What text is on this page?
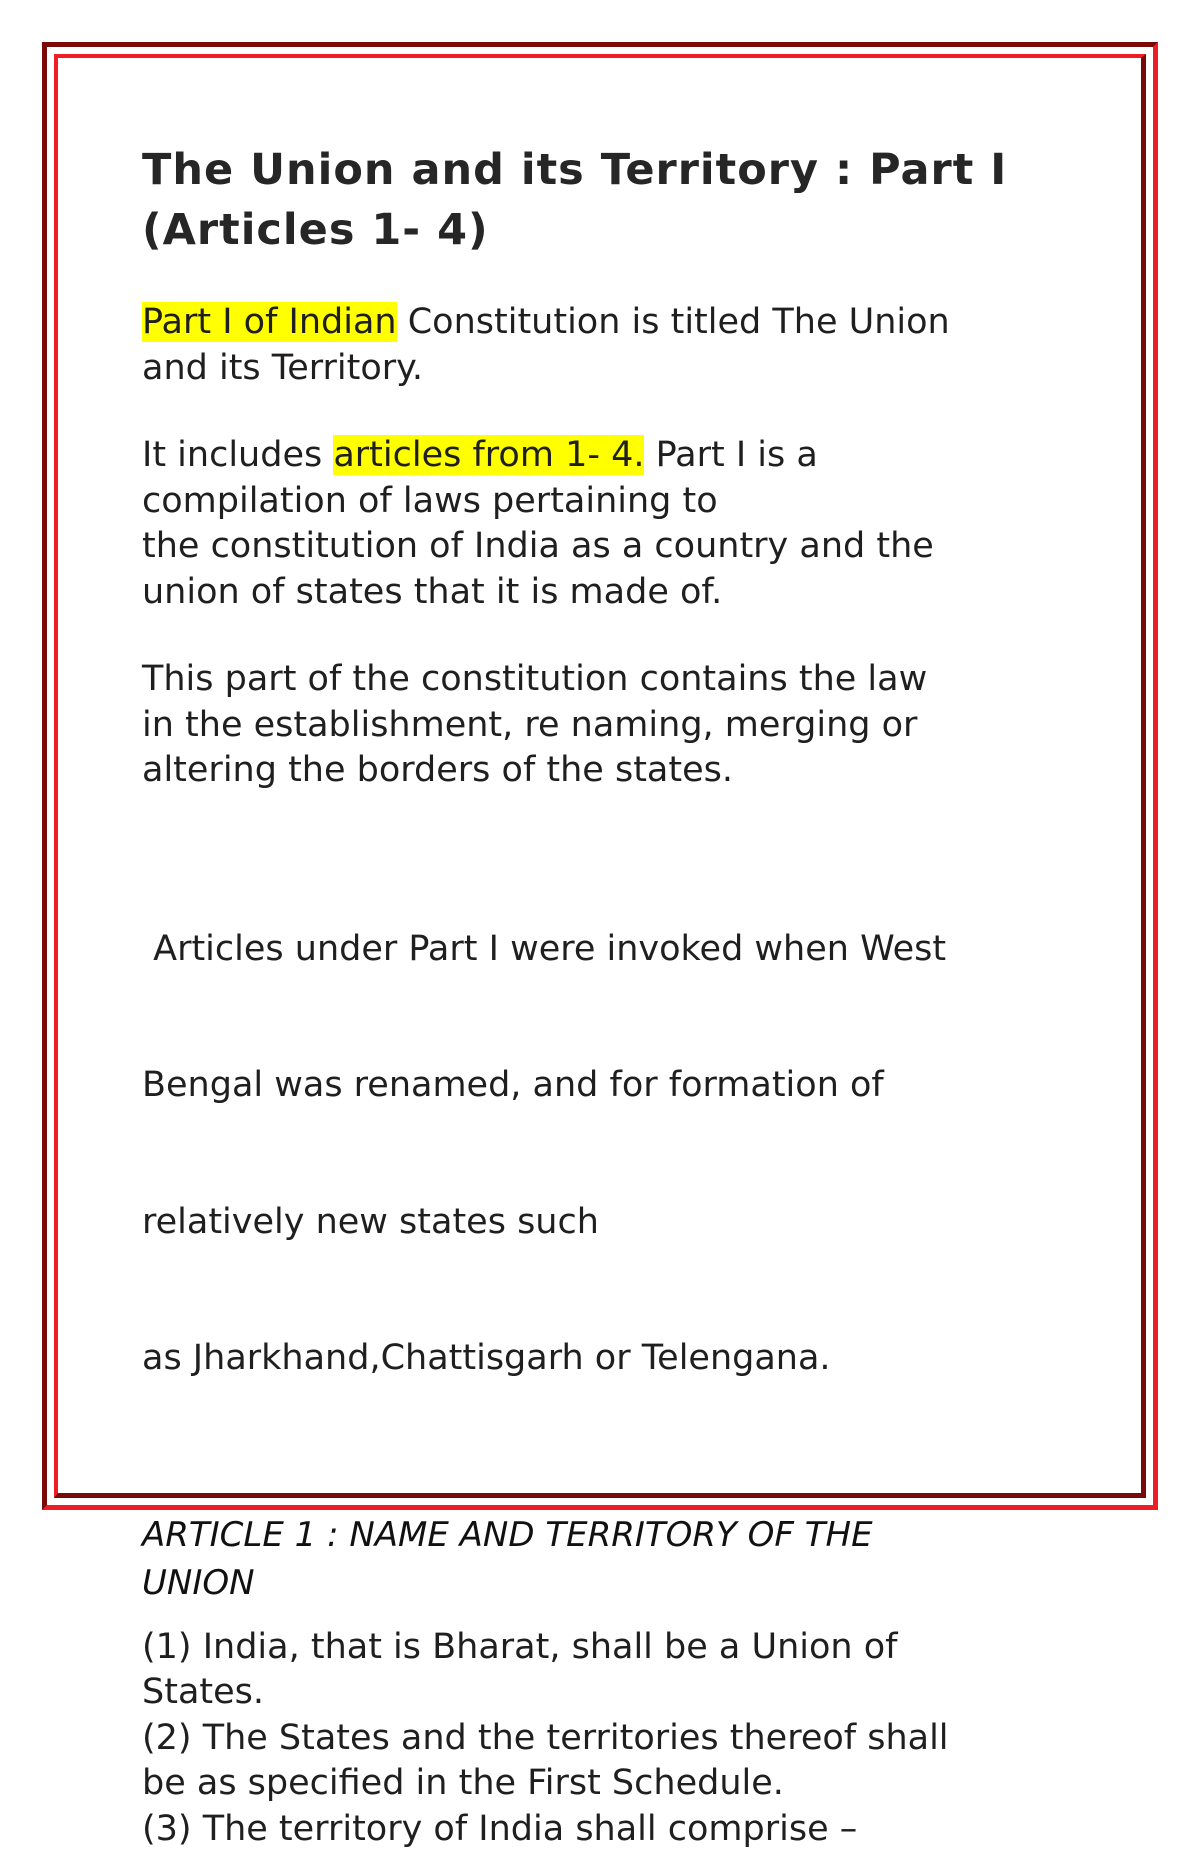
The Union and its Territory : Part I
(Articles 1- 4)
Part I of Indian Constitution is titled The Union
and its Territory.
It includes articles from 1- 4. Part I is a
compilation of laws pertaining to
the constitution of India as a country and the
union of states that it is made of.
This part of the constitution contains the law
in the establishment, re naming, merging or
altering the borders of the states.

Articles under Part I were invoked when West

Bengal was renamed, and for formation of

relatively new states such

as Jharkhand,Chattisgarh or Telengana.

ARTICLE 1 : NAME AND TERRITORY OF THE
UNION
(1) India, that is Bharat, shall be a Union of
States.
(2) The States and the territories thereof shall
be as specified in the First Schedule.
(3) The territory of India shall comprise –
